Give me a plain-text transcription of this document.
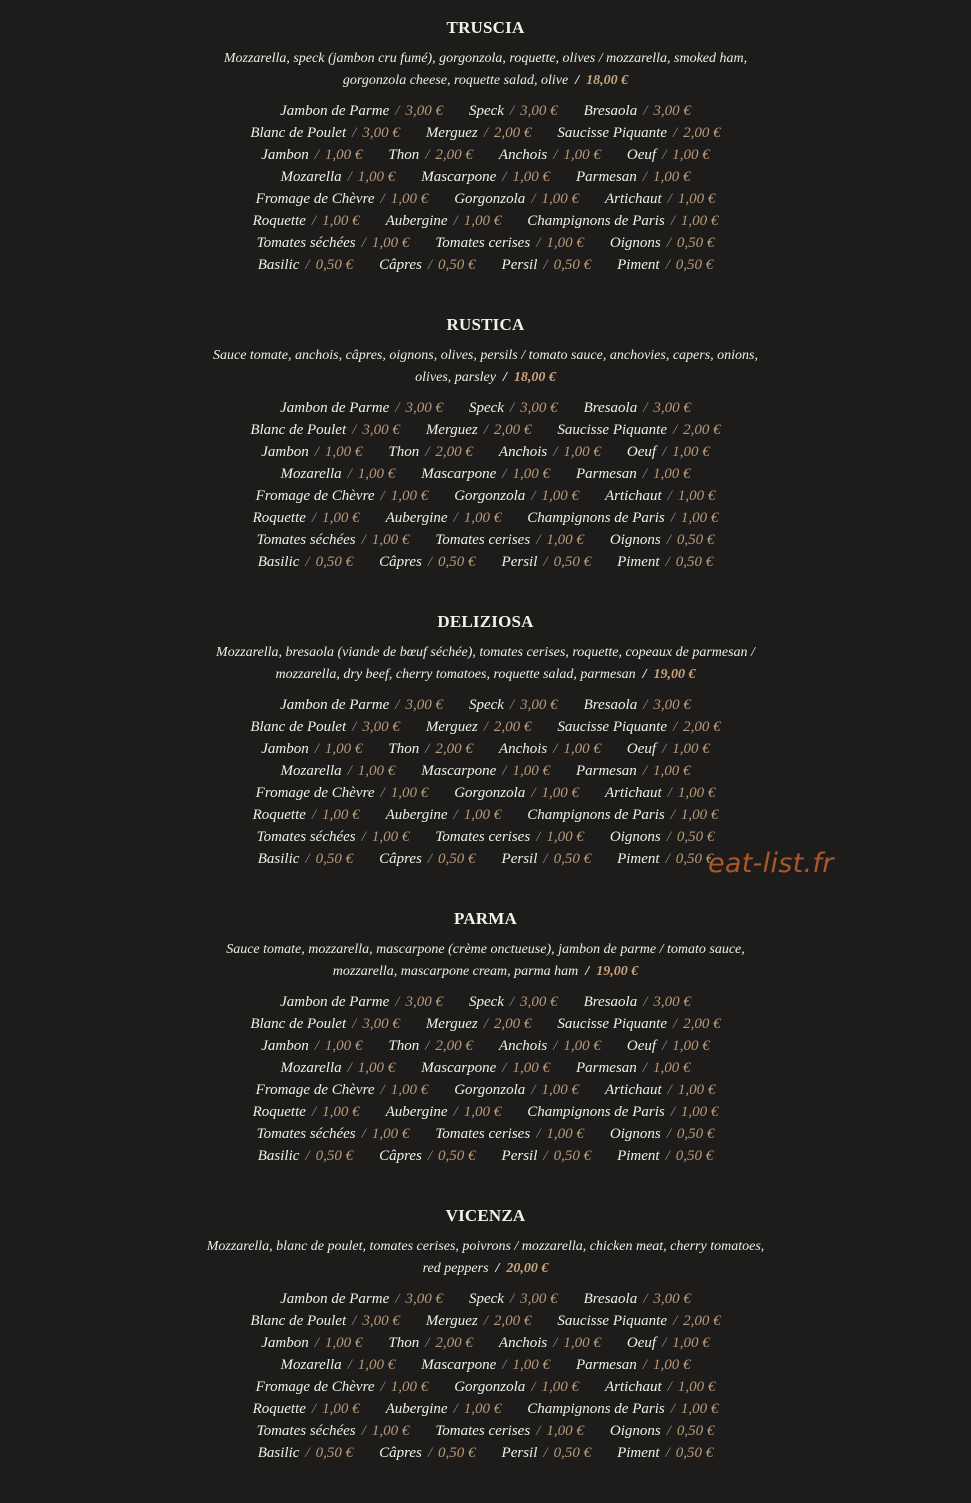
TRUSCIA
Mozzarella, speck (jambon cru fumé), gorgonzola, roquette, olives / mozzarella, smoked ham,
gorgonzola cheese, roquette salad, olive / 18,00 €
Jambon de Parme / 3,00 € Speck / 3,00 € Bresaola / 3,00 €
Blanc de Poulet / 3,00 € Merguez / 2,00 € Saucisse Piquante / 2,00 €
Jambon / 1,00 € Thon / 2,00 € Anchois / 1,00 € Oeuf / 1,00 €
Mozarella / 1,00 € Mascarpone / 1,00 € Parmesan / 1,00 €
Fromage de Chèvre / 1,00 € Gorgonzola / 1,00 € Artichaut / 1,00 €
Roquette / 1,00 € Aubergine / 1,00 € Champignons de Paris / 1,00 €
Tomates séchées / 1,00 € Tomates cerises / 1,00 € Oignons / 0,50 €
Basilic / 0,50 € Câpres / 0,50 € Persil / 0,50 € Piment / 0,50 €
RUSTICA
Sauce tomate, anchois, câpres, oignons, olives, persils / tomato sauce, anchovies, capers, onions,
olives, parsley / 18,00 €
Jambon de Parme / 3,00 € Speck / 3,00 € Bresaola / 3,00 €
Blanc de Poulet / 3,00 € Merguez / 2,00 € Saucisse Piquante / 2,00 €
Jambon / 1,00 € Thon / 2,00 € Anchois / 1,00 € Oeuf / 1,00 €
Mozarella / 1,00 € Mascarpone / 1,00 € Parmesan / 1,00 €
Fromage de Chèvre / 1,00 € Gorgonzola / 1,00 € Artichaut / 1,00 €
Roquette / 1,00 € Aubergine / 1,00 € Champignons de Paris / 1,00 €
Tomates séchées / 1,00 € Tomates cerises / 1,00 € Oignons / 0,50 €
Basilic / 0,50 € Câpres / 0,50 € Persil / 0,50 € Piment / 0,50 €
DELIZIOSA
Mozzarella, bresaola (viande de bœuf séchée), tomates cerises, roquette, copeaux de parmesan /
mozzarella, dry beef, cherry tomatoes, roquette salad, parmesan / 19,00 €
Jambon de Parme / 3,00 € Speck / 3,00 € Bresaola / 3,00 €
Blanc de Poulet / 3,00 € Merguez / 2,00 € Saucisse Piquante / 2,00 €
Jambon / 1,00 € Thon / 2,00 € Anchois / 1,00 € Oeuf / 1,00 €
Mozarella / 1,00 € Mascarpone / 1,00 € Parmesan / 1,00 €
Fromage de Chèvre / 1,00 € Gorgonzola / 1,00 € Artichaut / 1,00 €
Roquette / 1,00 € Aubergine / 1,00 € Champignons de Paris / 1,00 €
Tomates séchées / 1,00 € Tomates cerises / 1,00 € Oignons / 0,50 €
Basilic / 0,50 € Câpres / 0,50 € Persil / 0,50 € Piment / 0,50 €
PARMA
Sauce tomate, mozzarella, mascarpone (crème onctueuse), jambon de parme / tomato sauce,
mozzarella, mascarpone cream, parma ham / 19,00 €
Jambon de Parme / 3,00 € Speck / 3,00 € Bresaola / 3,00 €
Blanc de Poulet / 3,00 € Merguez / 2,00 € Saucisse Piquante / 2,00 €
Jambon / 1,00 € Thon / 2,00 € Anchois / 1,00 € Oeuf / 1,00 €
Mozarella / 1,00 € Mascarpone / 1,00 € Parmesan / 1,00 €
Fromage de Chèvre / 1,00 € Gorgonzola / 1,00 € Artichaut / 1,00 €
Roquette / 1,00 € Aubergine / 1,00 € Champignons de Paris / 1,00 €
Tomates séchées / 1,00 € Tomates cerises / 1,00 € Oignons / 0,50 €
Basilic / 0,50 € Câpres / 0,50 € Persil / 0,50 € Piment / 0,50 €
VICENZA
Mozzarella, blanc de poulet, tomates cerises, poivrons / mozzarella, chicken meat, cherry tomatoes,
red peppers / 20,00 €
Jambon de Parme / 3,00 € Speck / 3,00 € Bresaola / 3,00 €
Blanc de Poulet / 3,00 € Merguez / 2,00 € Saucisse Piquante / 2,00 €
Jambon / 1,00 € Thon / 2,00 € Anchois / 1,00 € Oeuf / 1,00 €
Mozarella / 1,00 € Mascarpone / 1,00 € Parmesan / 1,00 €
Fromage de Chèvre / 1,00 € Gorgonzola / 1,00 € Artichaut / 1,00 €
Roquette / 1,00 € Aubergine / 1,00 € Champignons de Paris / 1,00 €
Tomates séchées / 1,00 € Tomates cerises / 1,00 € Oignons / 0,50 €
Basilic / 0,50 € Câpres / 0,50 € Persil / 0,50 € Piment / 0,50 €
eat-list.fr
